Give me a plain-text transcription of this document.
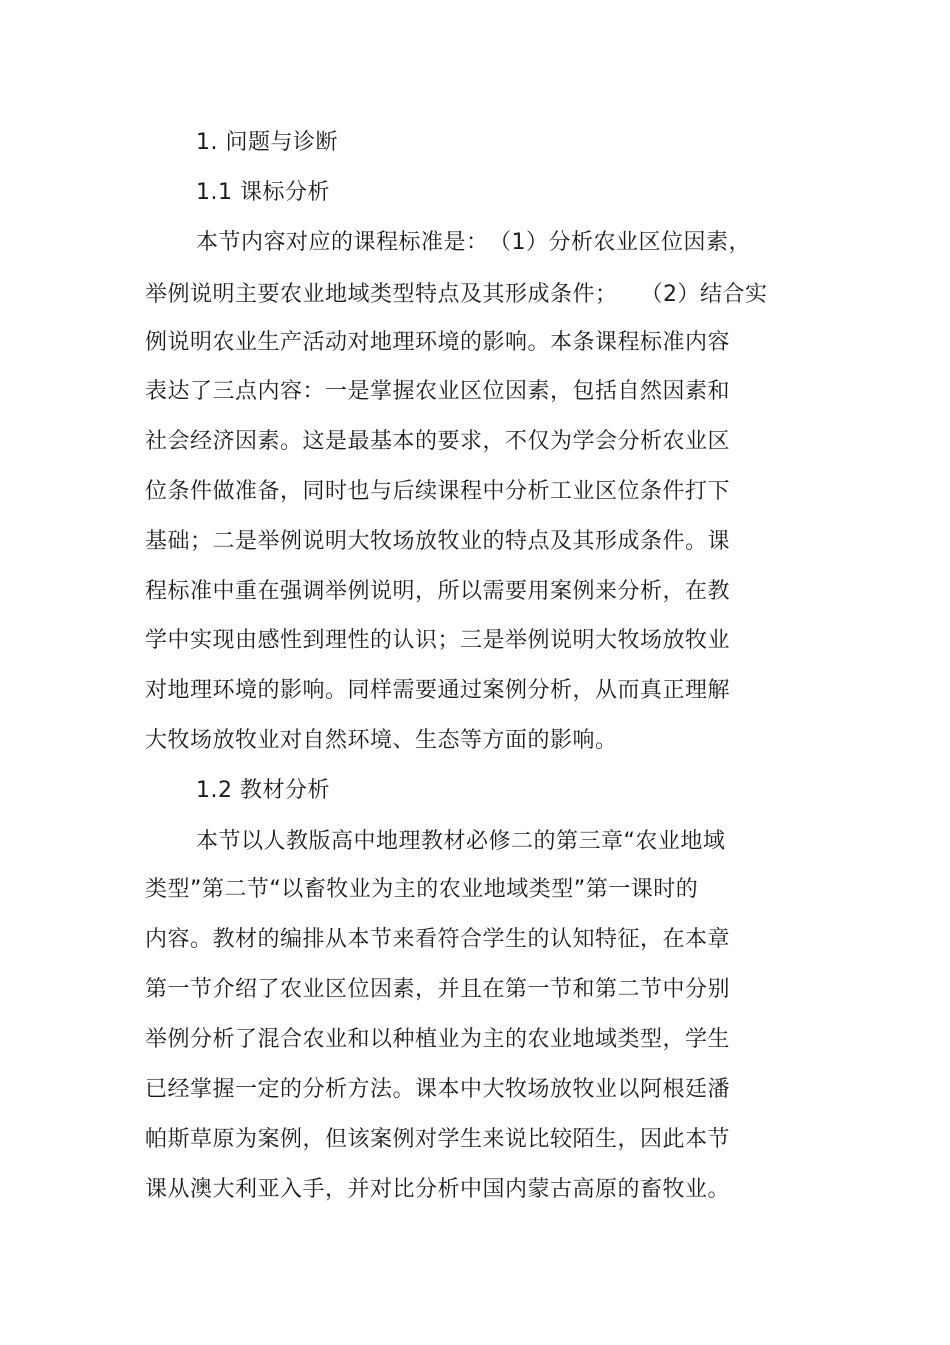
1. 问题与诊断
1.1 课标分析
本节内容对应的课程标准是：　（1）分析农业区位因素，
举例说明主要农业地域类型特点及其形成条件；　　（2）结合实
例说明农业生产活动对地理环境的影响。本条课程标准内容
表达了三点内容：一是掌握农业区位因素，包括自然因素和
社会经济因素。这是最基本的要求，不仅为学会分析农业区
位条件做准备，同时也与后续课程中分析工业区位条件打下
基础；二是举例说明大牧场放牧业的特点及其形成条件。课
程标准中重在强调举例说明，所以需要用案例来分析，在教
学中实现由感性到理性的认识；三是举例说明大牧场放牧业
对地理环境的影响。同样需要通过案例分析，从而真正理解
大牧场放牧业对自然环境、生态等方面的影响。
1.2 教材分析
本节以人教版高中地理教材必修二的第三章“农业地域
类型”第二节“以畜牧业为主的农业地域类型”第一课时的
内容。教材的编排从本节来看符合学生的认知特征，在本章
第一节介绍了农业区位因素，并且在第一节和第二节中分别
举例分析了混合农业和以种植业为主的农业地域类型，学生
已经掌握一定的分析方法。课本中大牧场放牧业以阿根廷潘
帕斯草原为案例，但该案例对学生来说比较陌生，因此本节
课从澳大利亚入手，并对比分析中国内蒙古高原的畜牧业。
